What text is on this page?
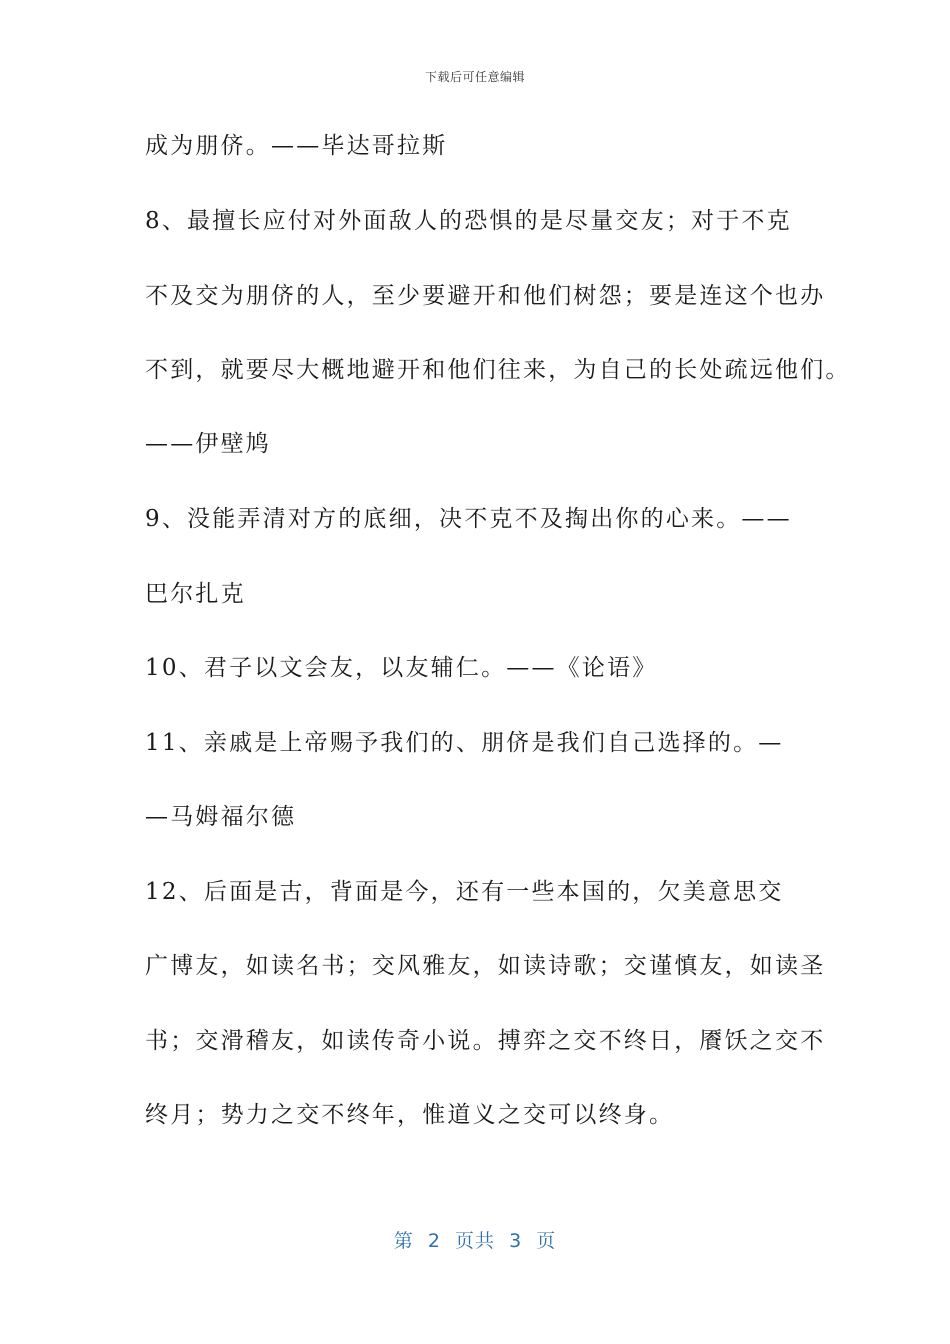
下载后可任意编辑
成为朋侪。——毕达哥拉斯
8、最擅长应付对外面敌人的恐惧的是尽量交友；对于不克
不及交为朋侪的人，至少要避开和他们树怨；要是连这个也办
不到，就要尽大概地避开和他们往来，为自己的长处疏远他们。
——伊壁鸠
9、没能弄清对方的底细，决不克不及掏出你的心来。——
巴尔扎克
10、君子以文会友，以友辅仁。——《论语》
11、亲戚是上帝赐予我们的、朋侪是我们自己选择的。—
—马姆福尔德
12、后面是古，背面是今，还有一些本国的，欠美意思交
广博友，如读名书；交风雅友，如读诗歌；交谨慎友，如读圣
书；交滑稽友，如读传奇小说。搏弈之交不终日，餍饫之交不
终月；势力之交不终年，惟道义之交可以终身。
第  2  页共  3  页
